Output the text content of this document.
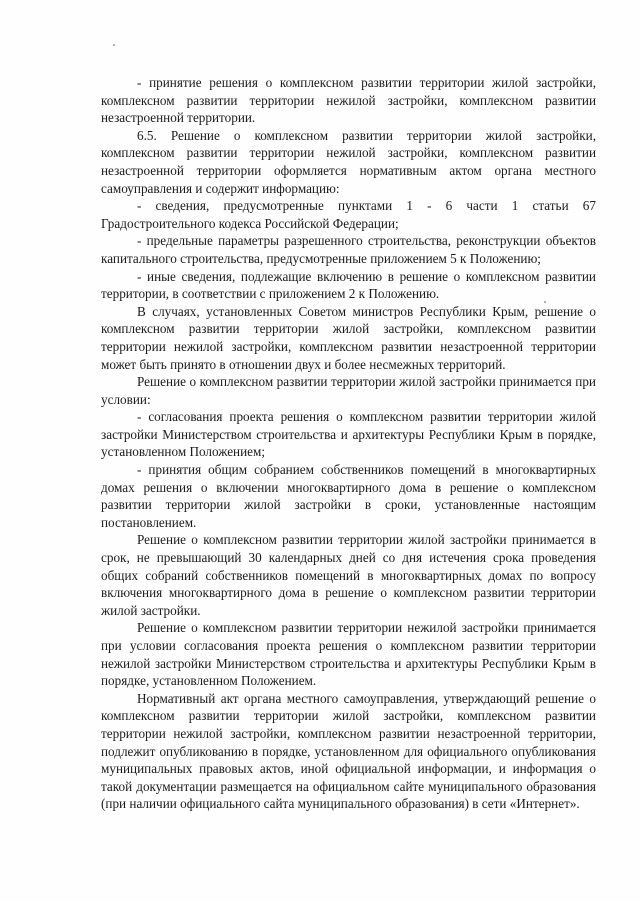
- принятие решения о комплексном развитии территории жилой застройки, комплексном развитии территории нежилой застройки, комплексном развитии незастроенной территории.

6.5. Решение о комплексном развитии территории жилой застройки, комплексном развитии территории нежилой застройки, комплексном развитии незастроенной территории оформляется нормативным актом органа местного самоуправления и содержит информацию:

- сведения, предусмотренные пунктами 1 - 6 части 1 статьи 67 Градостроительного кодекса Российской Федерации;

- предельные параметры разрешенного строительства, реконструкции объектов капитального строительства, предусмотренные приложением 5 к Положению;

- иные сведения, подлежащие включению в решение о комплексном развитии территории, в соответствии с приложением 2 к Положению.

В случаях, установленных Советом министров Республики Крым, решение о комплексном развитии территории жилой застройки, комплексном развитии территории нежилой застройки, комплексном развитии незастроенной территории может быть принято в отношении двух и более несмежных территорий.

Решение о комплексном развитии территории жилой застройки принимается при условии:

- согласования проекта решения о комплексном развитии территории жилой застройки Министерством строительства и архитектуры Республики Крым в порядке, установленном Положением;

- принятия общим собранием собственников помещений в многоквартирных домах решения о включении многоквартирного дома в решение о комплексном развитии территории жилой застройки в сроки, установленные настоящим постановлением.

Решение о комплексном развитии территории жилой застройки принимается в срок, не превышающий 30 календарных дней со дня истечения срока проведения общих собраний собственников помещений в многоквартирных домах по вопросу включения многоквартирного дома в решение о комплексном развитии территории жилой застройки.

Решение о комплексном развитии территории нежилой застройки принимается при условии согласования проекта решения о комплексном развитии территории нежилой застройки Министерством строительства и архитектуры Республики Крым в порядке, установленном Положением.

Нормативный акт органа местного самоуправления, утверждающий решение о комплексном развитии территории жилой застройки, комплексном развитии территории нежилой застройки, комплексном развитии незастроенной территории, подлежит опубликованию в порядке, установленном для официального опубликования муниципальных правовых актов, иной официальной информации, и информация о такой документации размещается на официальном сайте муниципального образования (при наличии официального сайта муниципального образования) в сети «Интернет».
